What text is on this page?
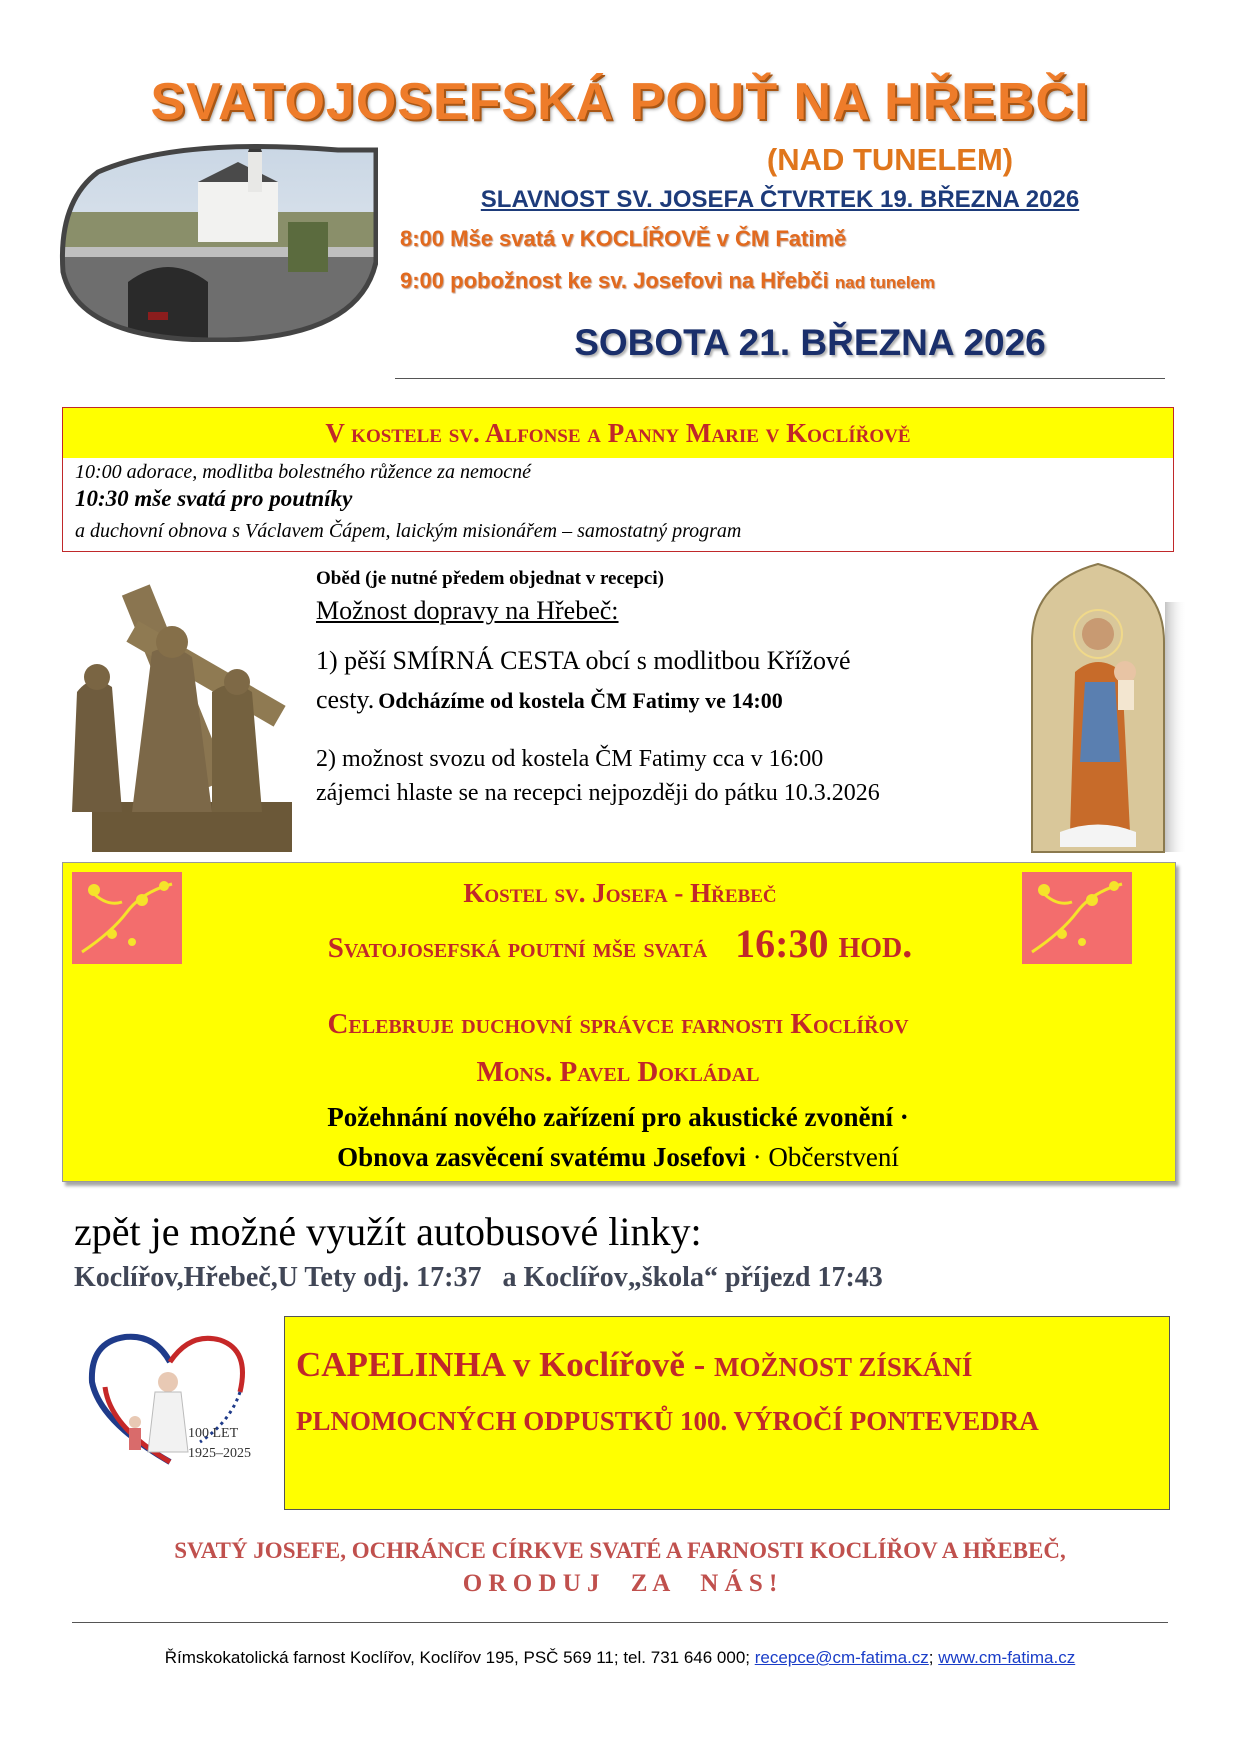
SVATOJOSEFSKÁ POUŤ NA HŘEBČI
(NAD TUNELEM)
SLAVNOST SV. JOSEFA ČTVRTEK 19. BŘEZNA 2026
8:00 Mše svatá v KOCLÍŘOVĚ v ČM Fatimě
9:00 pobožnost ke sv. Josefovi na Hřebči nad tunelem
SOBOTA 21. BŘEZNA 2026
V kostele sv. Alfonse a Panny Marie v Koclířově
10:00 adorace, modlitba bolestného růžence za nemocné
10:30 mše svatá pro poutníky
a duchovní obnova s Václavem Čápem, laickým misionářem – samostatný program
Oběd (je nutné předem objednat v recepci)
Možnost dopravy na Hřebeč:
1) pěší SMÍRNÁ CESTA obcí s modlitbou Křížové
cesty. Odcházíme od kostela ČM Fatimy ve 14:00
2) možnost svozu od kostela ČM Fatimy cca v 16:00
zájemci hlaste se na recepci nejpozději do pátku 10.3.2026
Kostel sv. Josefa - Hřebeč
Svatojosefská poutní mše svatá 16:30 hod.
Celebruje duchovní správce farnosti Koclířov
Mons. Pavel Dokládal
Požehnání nového zařízení pro akustické zvonění ·
Obnova zasvěcení svatému Josefovi · Občerstvení
zpět je možné využít autobusové linky:
Koclířov,Hřebeč,U Tety odj. 17:37   a Koclířov„škola“ příjezd 17:43
100 LET
1925–2025
CAPELINHA v Koclířově - MOŽNOST ZÍSKÁNÍ
PLNOMOCNÝCH ODPUSTKŮ 100. VÝROČÍ PONTEVEDRA
SVATÝ JOSEFE, OCHRÁNCE CÍRKVE SVATÉ A FARNOSTI KOCLÍŘOV A HŘEBEČ,
O R O D U J     Z A     N Á S !
Římskokatolická farnost Koclířov, Koclířov 195, PSČ 569 11; tel. 731 646 000; recepce@cm-fatima.cz; www.cm-fatima.cz
